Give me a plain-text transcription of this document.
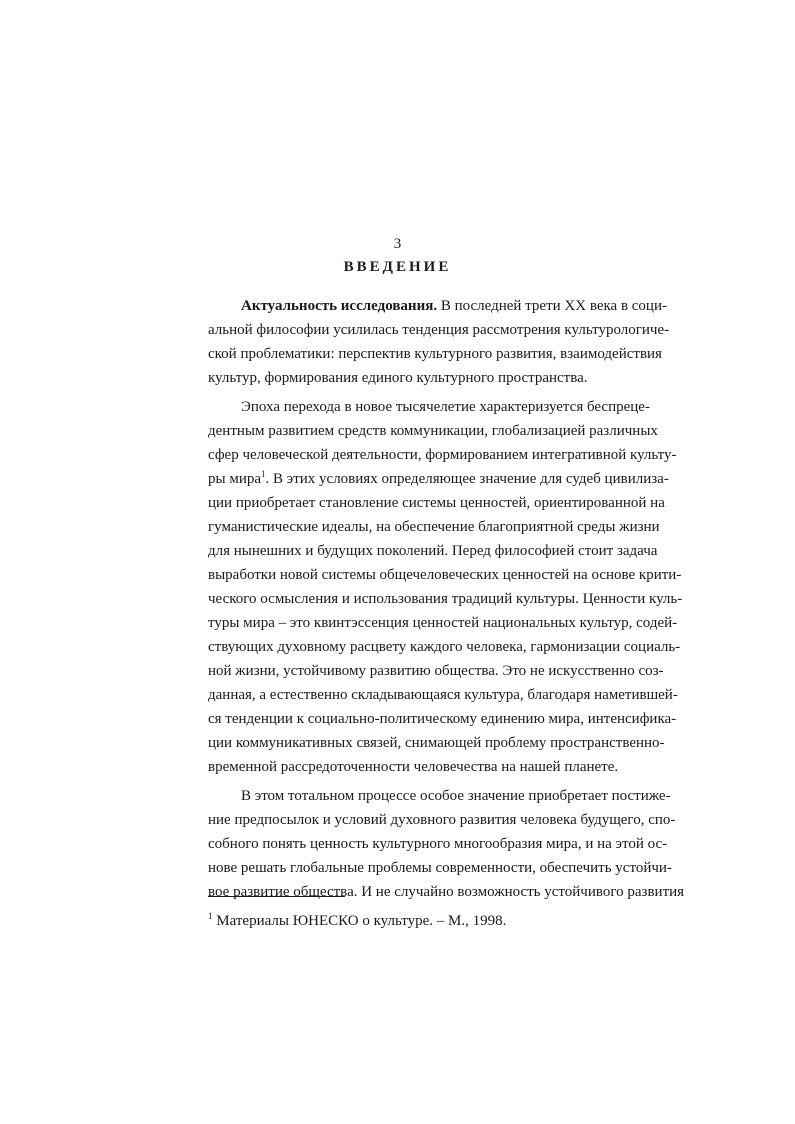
3
ВВЕДЕНИЕ
Актуальность исследования. В последней трети XX века в соци-
альной философии усилилась тенденция рассмотрения культурологиче-
ской проблематики: перспектив культурного развития, взаимодействия
культур, формирования единого культурного пространства.
Эпоха перехода в новое тысячелетие характеризуется беспреце-
дентным развитием средств коммуникации, глобализацией различных
сфер человеческой деятельности, формированием интегративной культу-
ры мира$^1$. В этих условиях определяющее значение для судеб цивилиза-
ции приобретает становление системы ценностей, ориентированной на
гуманистические идеалы, на обеспечение благоприятной среды жизни
для нынешних и будущих поколений. Перед философией стоит задача
выработки новой системы общечеловеческих ценностей на основе крити-
ческого осмысления и использования традиций культуры. Ценности куль-
туры мира – это квинтэссенция ценностей национальных культур, содей-
ствующих духовному расцвету каждого человека, гармонизации социаль-
ной жизни, устойчивому развитию общества. Это не искусственно соз-
данная, а естественно складывающаяся культура, благодаря наметившей-
ся тенденции к социально-политическому единению мира, интенсифика-
ции коммуникативных связей, снимающей проблему пространственно-
временной рассредоточенности человечества на нашей планете.
В этом тотальном процессе особое значение приобретает постиже-
ние предпосылок и условий духовного развития человека будущего, спо-
собного понять ценность культурного многообразия мира, и на этой ос-
нове решать глобальные проблемы современности, обеспечить устойчи-
вое развитие общества. И не случайно возможность устойчивого развития
$^1$ Материалы ЮНЕСКО о культуре. – М., 1998.
